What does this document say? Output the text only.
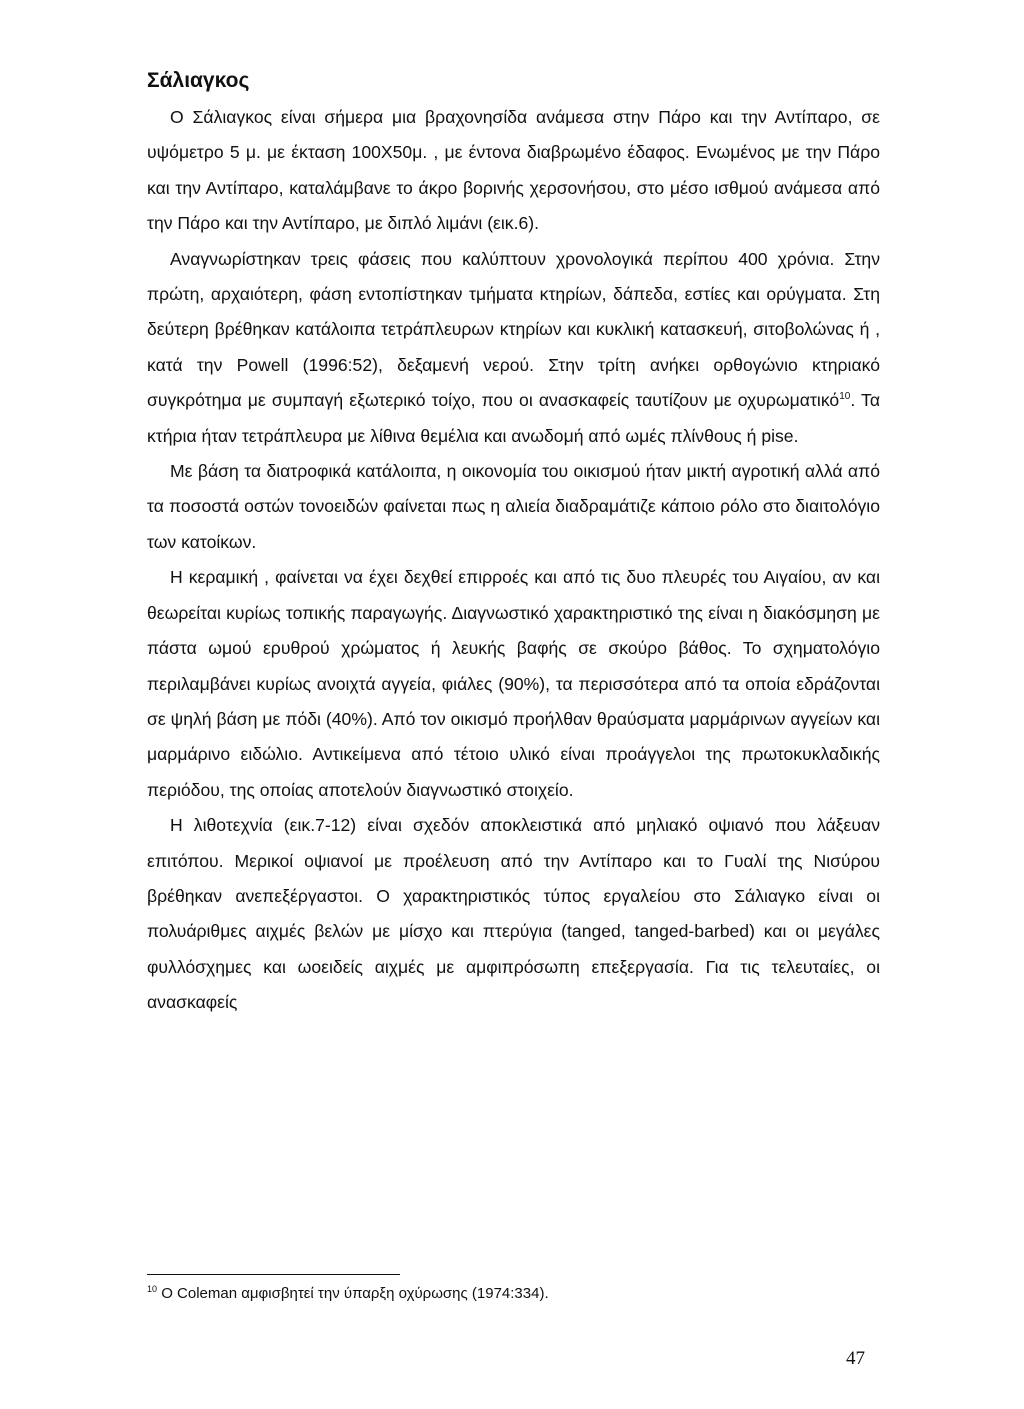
Σάλιαγκος

Ο Σάλιαγκος είναι σήμερα μια βραχονησίδα ανάμεσα στην Πάρο και την Αντίπαρο, σε υψόμετρο 5 μ. με έκταση 100Χ50μ. , με έντονα διαβρωμένο έδαφος. Ενωμένος με την Πάρο και την Αντίπαρο, καταλάμβανε το άκρο βορινής χερσονήσου, στο μέσο ισθμού ανάμεσα από την Πάρο και την Αντίπαρο, με διπλό λιμάνι (εικ.6).

Αναγνωρίστηκαν τρεις φάσεις που καλύπτουν χρονολογικά περίπου 400 χρόνια. Στην πρώτη, αρχαιότερη, φάση εντοπίστηκαν τμήματα κτηρίων, δάπεδα, εστίες και ορύγματα. Στη δεύτερη βρέθηκαν κατάλοιπα τετράπλευρων κτηρίων και κυκλική κατασκευή, σιτοβολώνας ή , κατά την Powell (1996:52), δεξαμενή νερού. Στην τρίτη ανήκει ορθογώνιο κτηριακό συγκρότημα με συμπαγή εξωτερικό τοίχο, που οι ανασκαφείς ταυτίζουν με οχυρωματικό$^{10}$. Τα κτήρια ήταν τετράπλευρα με λίθινα θεμέλια και ανωδομή από ωμές πλίνθους ή pise.

Με βάση τα διατροφικά κατάλοιπα, η οικονομία του οικισμού ήταν μικτή αγροτική αλλά από τα ποσοστά οστών τονοειδών φαίνεται πως η αλιεία διαδραμάτιζε κάποιο ρόλο στο διαιτολόγιο των κατοίκων.

Η κεραμική , φαίνεται να έχει δεχθεί επιρροές και από τις δυο πλευρές του Αιγαίου, αν και θεωρείται κυρίως τοπικής παραγωγής. Διαγνωστικό χαρακτηριστικό της είναι η διακόσμηση με πάστα ωμού ερυθρού χρώματος ή λευκής βαφής σε σκούρο βάθος. Το σχηματολόγιο περιλαμβάνει κυρίως ανοιχτά αγγεία, φιάλες (90%), τα περισσότερα από τα οποία εδράζονται σε ψηλή βάση με πόδι (40%). Από τον οικισμό προήλθαν θραύσματα μαρμάρινων αγγείων και μαρμάρινο ειδώλιο. Αντικείμενα από τέτοιο υλικό είναι προάγγελοι της πρωτοκυκλαδικής περιόδου, της οποίας αποτελούν διαγνωστικό στοιχείο.

Η λιθοτεχνία (εικ.7-12) είναι σχεδόν αποκλειστικά από μηλιακό οψιανό που λάξευαν επιτόπου. Μερικοί οψιανοί με προέλευση από την Αντίπαρο και το Γυαλί της Νισύρου βρέθηκαν ανεπεξέργαστοι. Ο χαρακτηριστικός τύπος εργαλείου στο Σάλιαγκο είναι οι πολυάριθμες αιχμές βελών με μίσχο και πτερύγια (tanged, tanged-barbed) και οι μεγάλες φυλλόσχημες και ωοειδείς αιχμές με αμφιπρόσωπη επεξεργασία. Για τις τελευταίες, οι ανασκαφείς

$^{10}$ Ο Coleman αμφισβητεί την ύπαρξη οχύρωσης (1974:334).
47
